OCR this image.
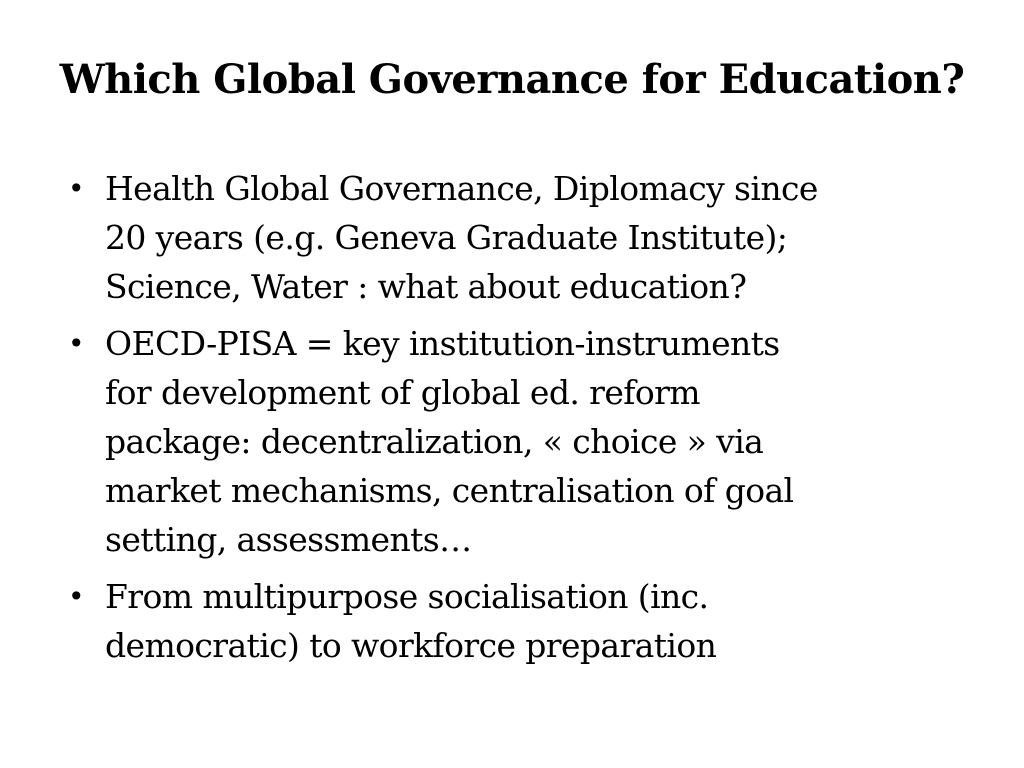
Which Global Governance for Education?
• Health Global Governance, Diplomacy since
20 years (e.g. Geneva Graduate Institute);
Science, Water : what about education?
• OECD-PISA = key institution-instruments
for development of global ed. reform
package: decentralization, « choice » via
market mechanisms, centralisation of goal
setting, assessments…
• From multipurpose socialisation (inc.
democratic) to workforce preparation
